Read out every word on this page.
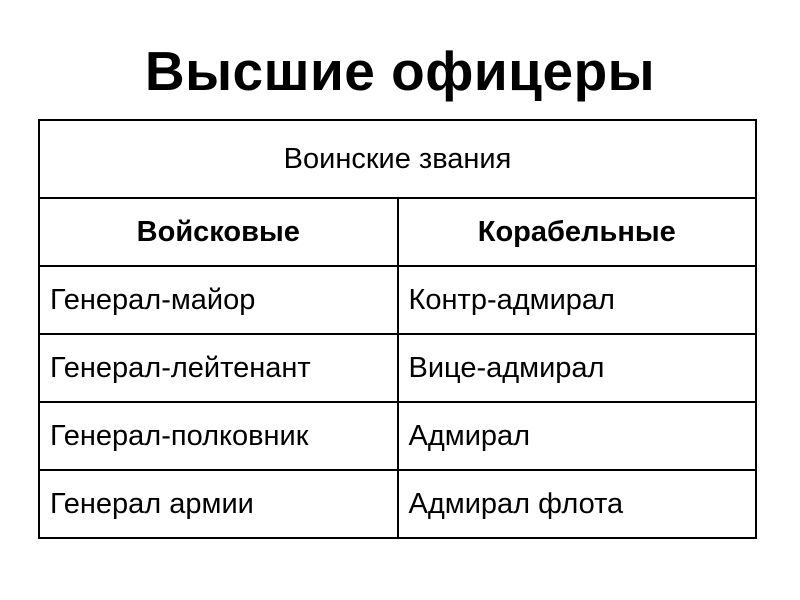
Высшие офицеры
Воинские звания	
Войсковые	Корабельные
Генерал-майор	Контр-адмирал
Генерал-лейтенант	Вице-адмирал
Генерал-полковник	Адмирал
Генерал армии	Адмирал флота
